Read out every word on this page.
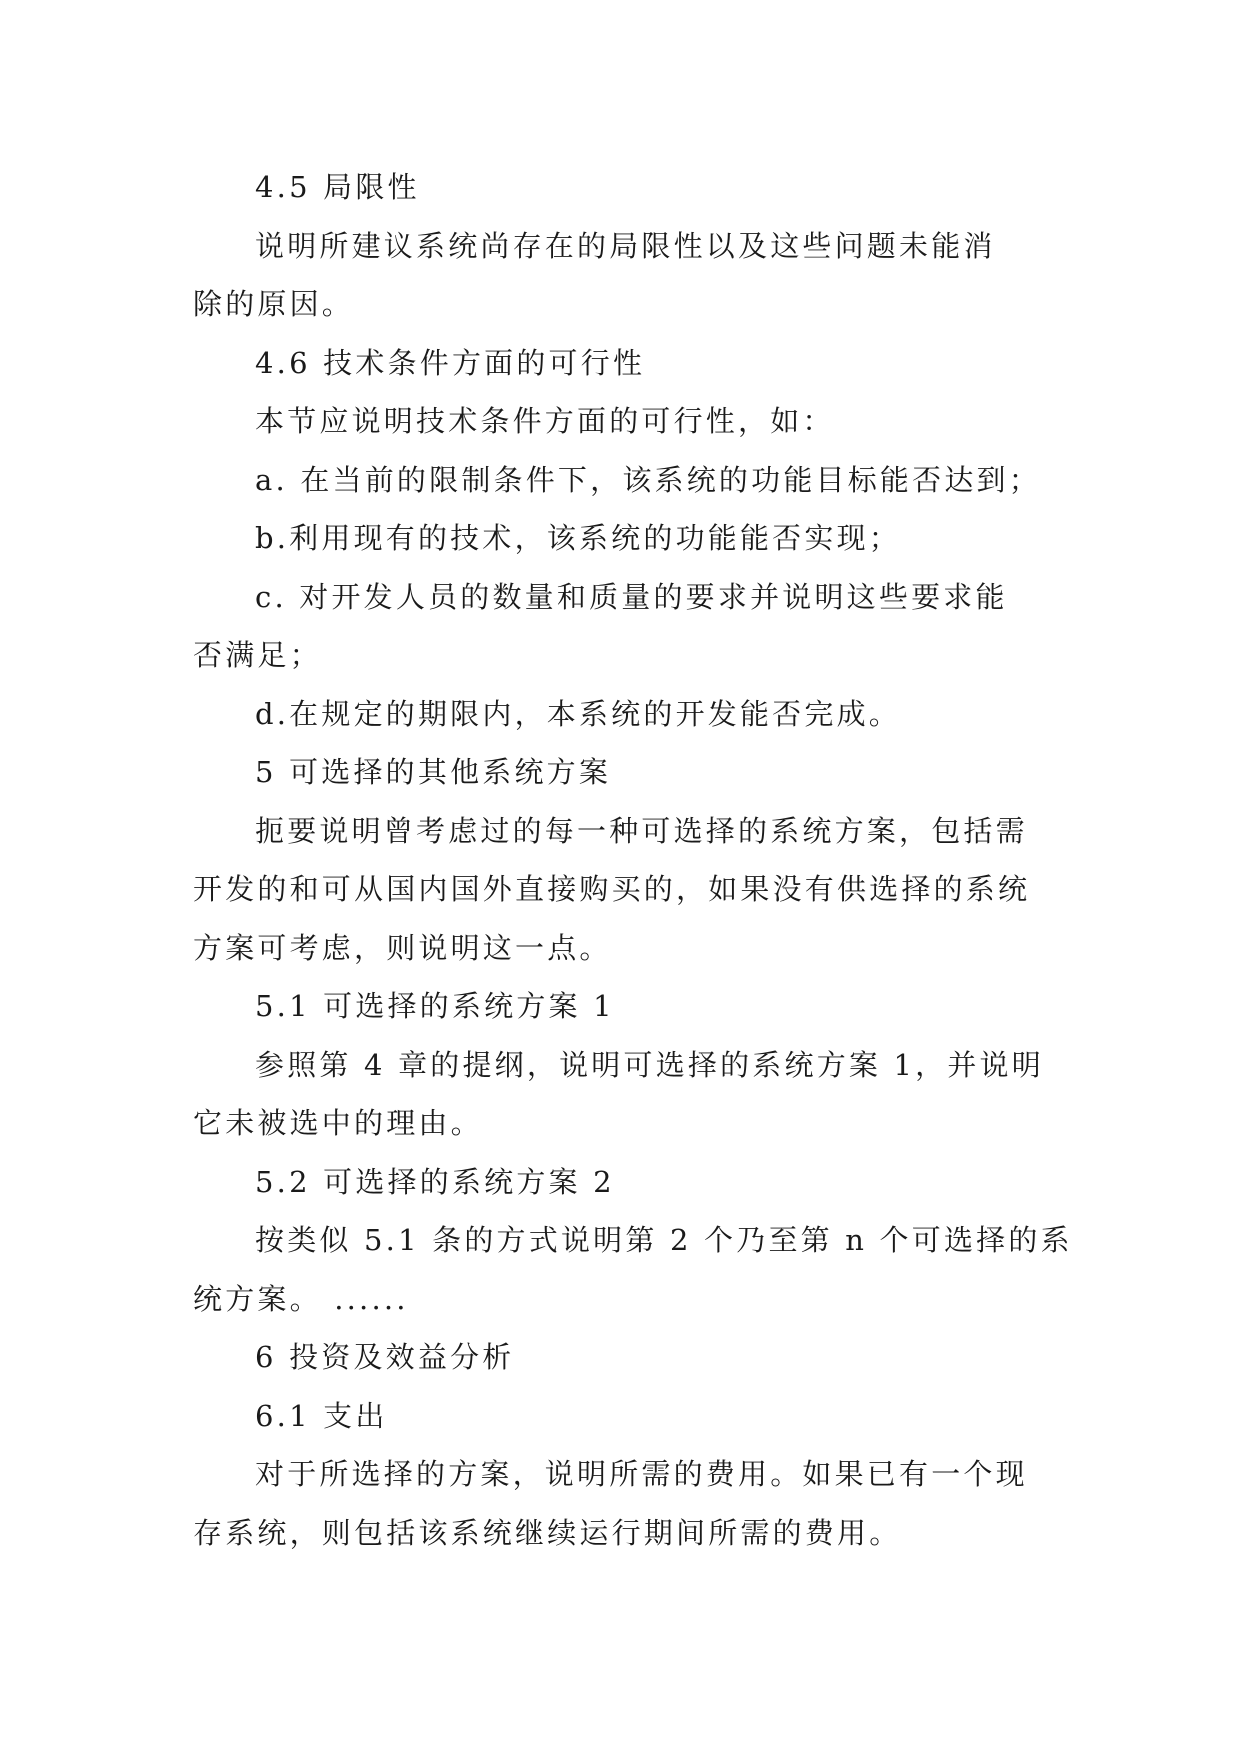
4.5 局限性
说明所建议系统尚存在的局限性以及这些问题未能消
除的原因。
4.6 技术条件方面的可行性
本节应说明技术条件方面的可行性，如：
a. 在当前的限制条件下，该系统的功能目标能否达到；
b.利用现有的技术，该系统的功能能否实现；
c. 对开发人员的数量和质量的要求并说明这些要求能
否满足；
d.在规定的期限内，本系统的开发能否完成。
5 可选择的其他系统方案
扼要说明曾考虑过的每一种可选择的系统方案，包括需
开发的和可从国内国外直接购买的，如果没有供选择的系统
方案可考虑，则说明这一点。
5.1 可选择的系统方案 1
参照第 4 章的提纲，说明可选择的系统方案 1，并说明
它未被选中的理由。
5.2 可选择的系统方案 2
按类似 5.1 条的方式说明第 2 个乃至第 n 个可选择的系
统方案。 ......
6 投资及效益分析
6.1 支出
对于所选择的方案，说明所需的费用。如果已有一个现
存系统，则包括该系统继续运行期间所需的费用。
